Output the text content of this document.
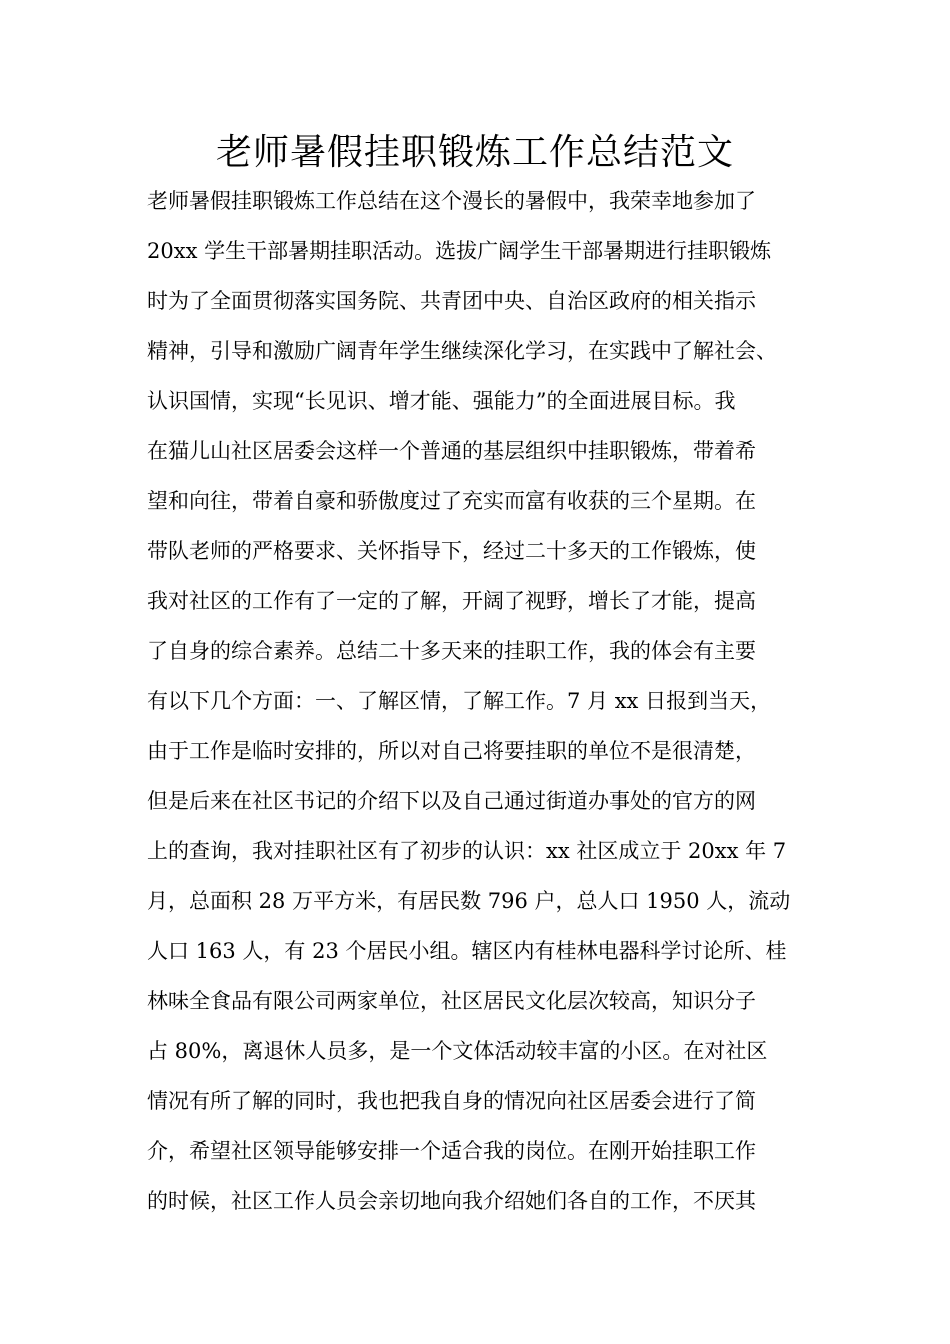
老师暑假挂职锻炼工作总结范文
老师暑假挂职锻炼工作总结在这个漫长的暑假中，我荣幸地参加了
20xx 学生干部暑期挂职活动。选拔广阔学生干部暑期进行挂职锻炼
时为了全面贯彻落实国务院、共青团中央、自治区政府的相关指示
精神，引导和激励广阔青年学生继续深化学习，在实践中了解社会、
认识国情，实现“长见识、增才能、强能力”的全面进展目标。我
在猫儿山社区居委会这样一个普通的基层组织中挂职锻炼，带着希
望和向往，带着自豪和骄傲度过了充实而富有收获的三个星期。在
带队老师的严格要求、关怀指导下，经过二十多天的工作锻炼，使
我对社区的工作有了一定的了解，开阔了视野，增长了才能，提高
了自身的综合素养。总结二十多天来的挂职工作，我的体会有主要
有以下几个方面：一、了解区情，了解工作。7 月 xx 日报到当天，
由于工作是临时安排的，所以对自己将要挂职的单位不是很清楚，
但是后来在社区书记的介绍下以及自己通过街道办事处的官方的网
上的查询，我对挂职社区有了初步的认识：xx 社区成立于 20xx 年 7
月，总面积 28 万平方米，有居民数 796 户，总人口 1950 人，流动
人口 163 人，有 23 个居民小组。辖区内有桂林电器科学讨论所、桂
林味全食品有限公司两家单位，社区居民文化层次较高，知识分子
占 80%，离退休人员多，是一个文体活动较丰富的小区。在对社区
情况有所了解的同时，我也把我自身的情况向社区居委会进行了简
介，希望社区领导能够安排一个适合我的岗位。在刚开始挂职工作
的时候，社区工作人员会亲切地向我介绍她们各自的工作，不厌其
